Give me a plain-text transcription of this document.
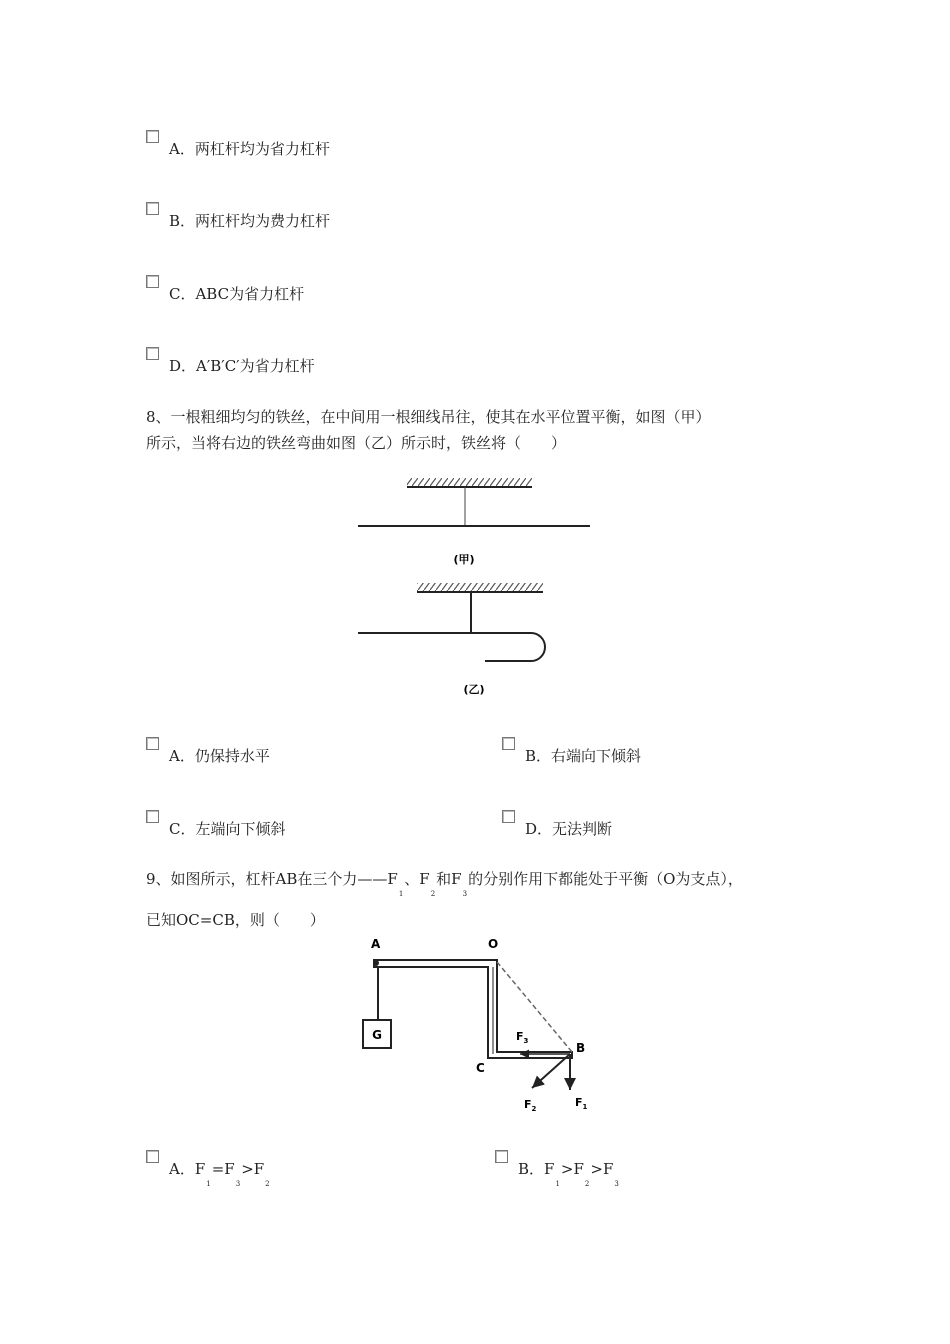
A．两杠杆均为省力杠杆
B．两杠杆均为费力杠杆
C．ABC为省力杠杆
D．A′B′C′为省力杠杆
8、一根粗细均匀的铁丝，在中间用一根细线吊往，使其在水平位置平衡，如图（甲）
所示，当将右边的铁丝弯曲如图（乙）所示时，铁丝将（　　）
(甲)
(乙)
A．仍保持水平	B．右端向下倾斜
C．左端向下倾斜	D．无法判断
9、如图所示，杠杆AB在三个力——F1、F2和F3的分别作用下都能处于平衡（O为支点），
已知OC=CB，则（　　）
A	O
G	$F_3$	B
C
$F_2$	$F_1$
A．F1=F3>F2
B．F1>F2>F3
